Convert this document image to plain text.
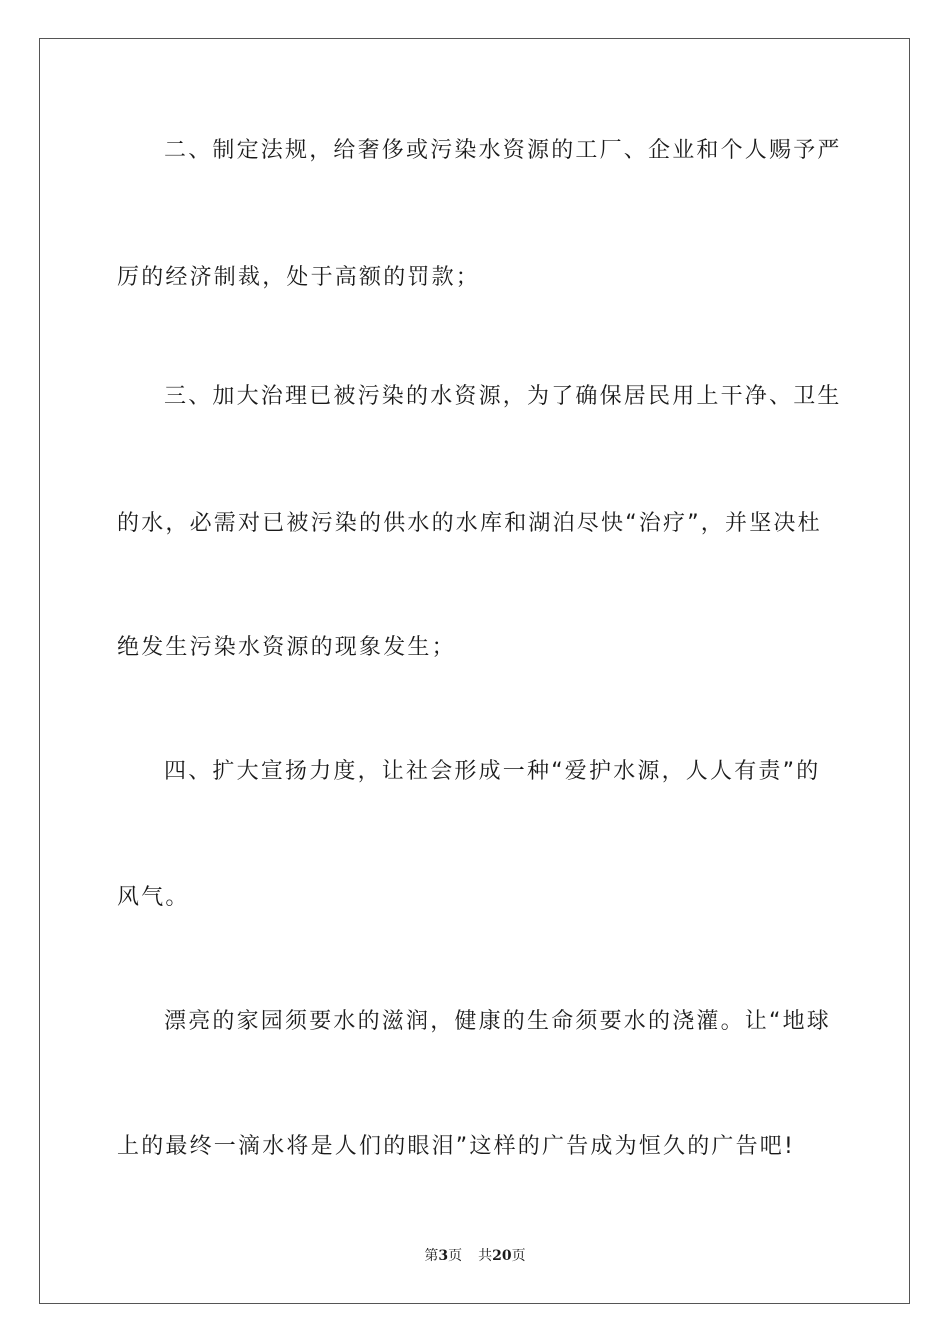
二、制定法规，给奢侈或污染水资源的工厂、企业和个人赐予严
厉的经济制裁，处于高额的罚款；
三、加大治理已被污染的水资源，为了确保居民用上干净、卫生
的水，必需对已被污染的供水的水库和湖泊尽快“治疗”，并坚决杜
绝发生污染水资源的现象发生；
四、扩大宣扬力度，让社会形成一种“爱护水源，人人有责”的
风气。
漂亮的家园须要水的滋润，健康的生命须要水的浇灌。让“地球
上的最终一滴水将是人们的眼泪”这样的广告成为恒久的广告吧!
第3页 共20页
